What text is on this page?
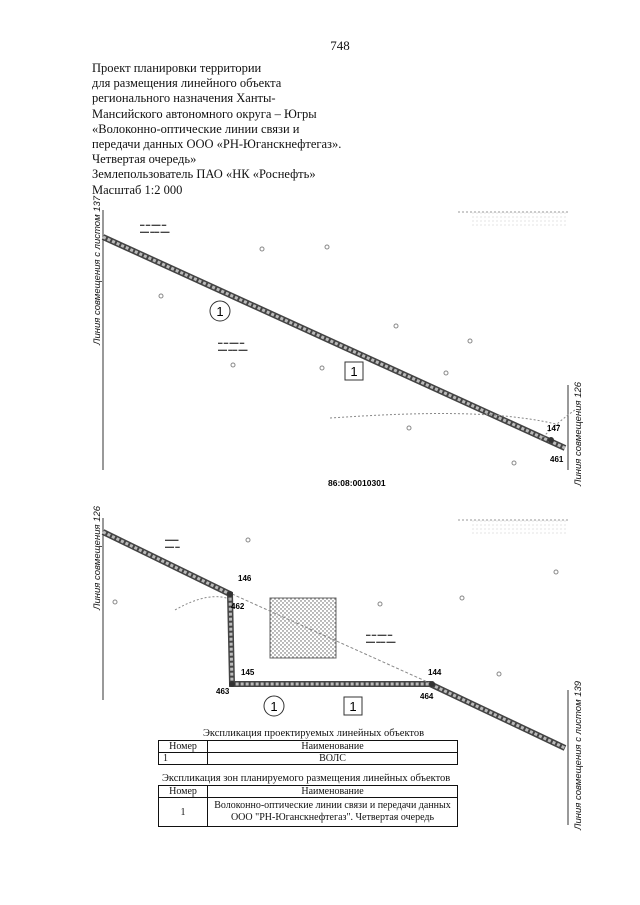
748
Проект планировки территории
для размещения линейного объекта
регионального назначения Ханты-
Мансийского автономного округа – Югры
«Волоконно-оптические линии связи и
передачи данных ООО «РН-Юганскнефтегаз».
Четвертая очередь»
Землепользователь ПАО «НК «Роснефть»
Масштаб 1:2 000
Линия совмещения с листом 137
Линия совмещения 126
Линия совмещения 126
Линия совмещения с листом 139
▬ ▬ ▬▬ ▬
▬▬ ▬▬ ▬▬
▬ ▬ ▬▬ ▬
▬▬ ▬▬ ▬▬
1
1
147
461
86:08:0010301
▬▬▬
▬▬ ▬
▬ ▬ ▬▬ ▬
▬▬ ▬▬ ▬▬
1	1
146
462
145
463
144
464
Экспликация проектируемых линейных объектов
Номер	Наименование
1	ВОЛС
Экспликация зон планируемого размещения линейных объектов
Номер	Наименование
1	Волоконно-оптические линии связи и передачи данных
ООО "РН-Юганскнефтегаз". Четвертая очередь
